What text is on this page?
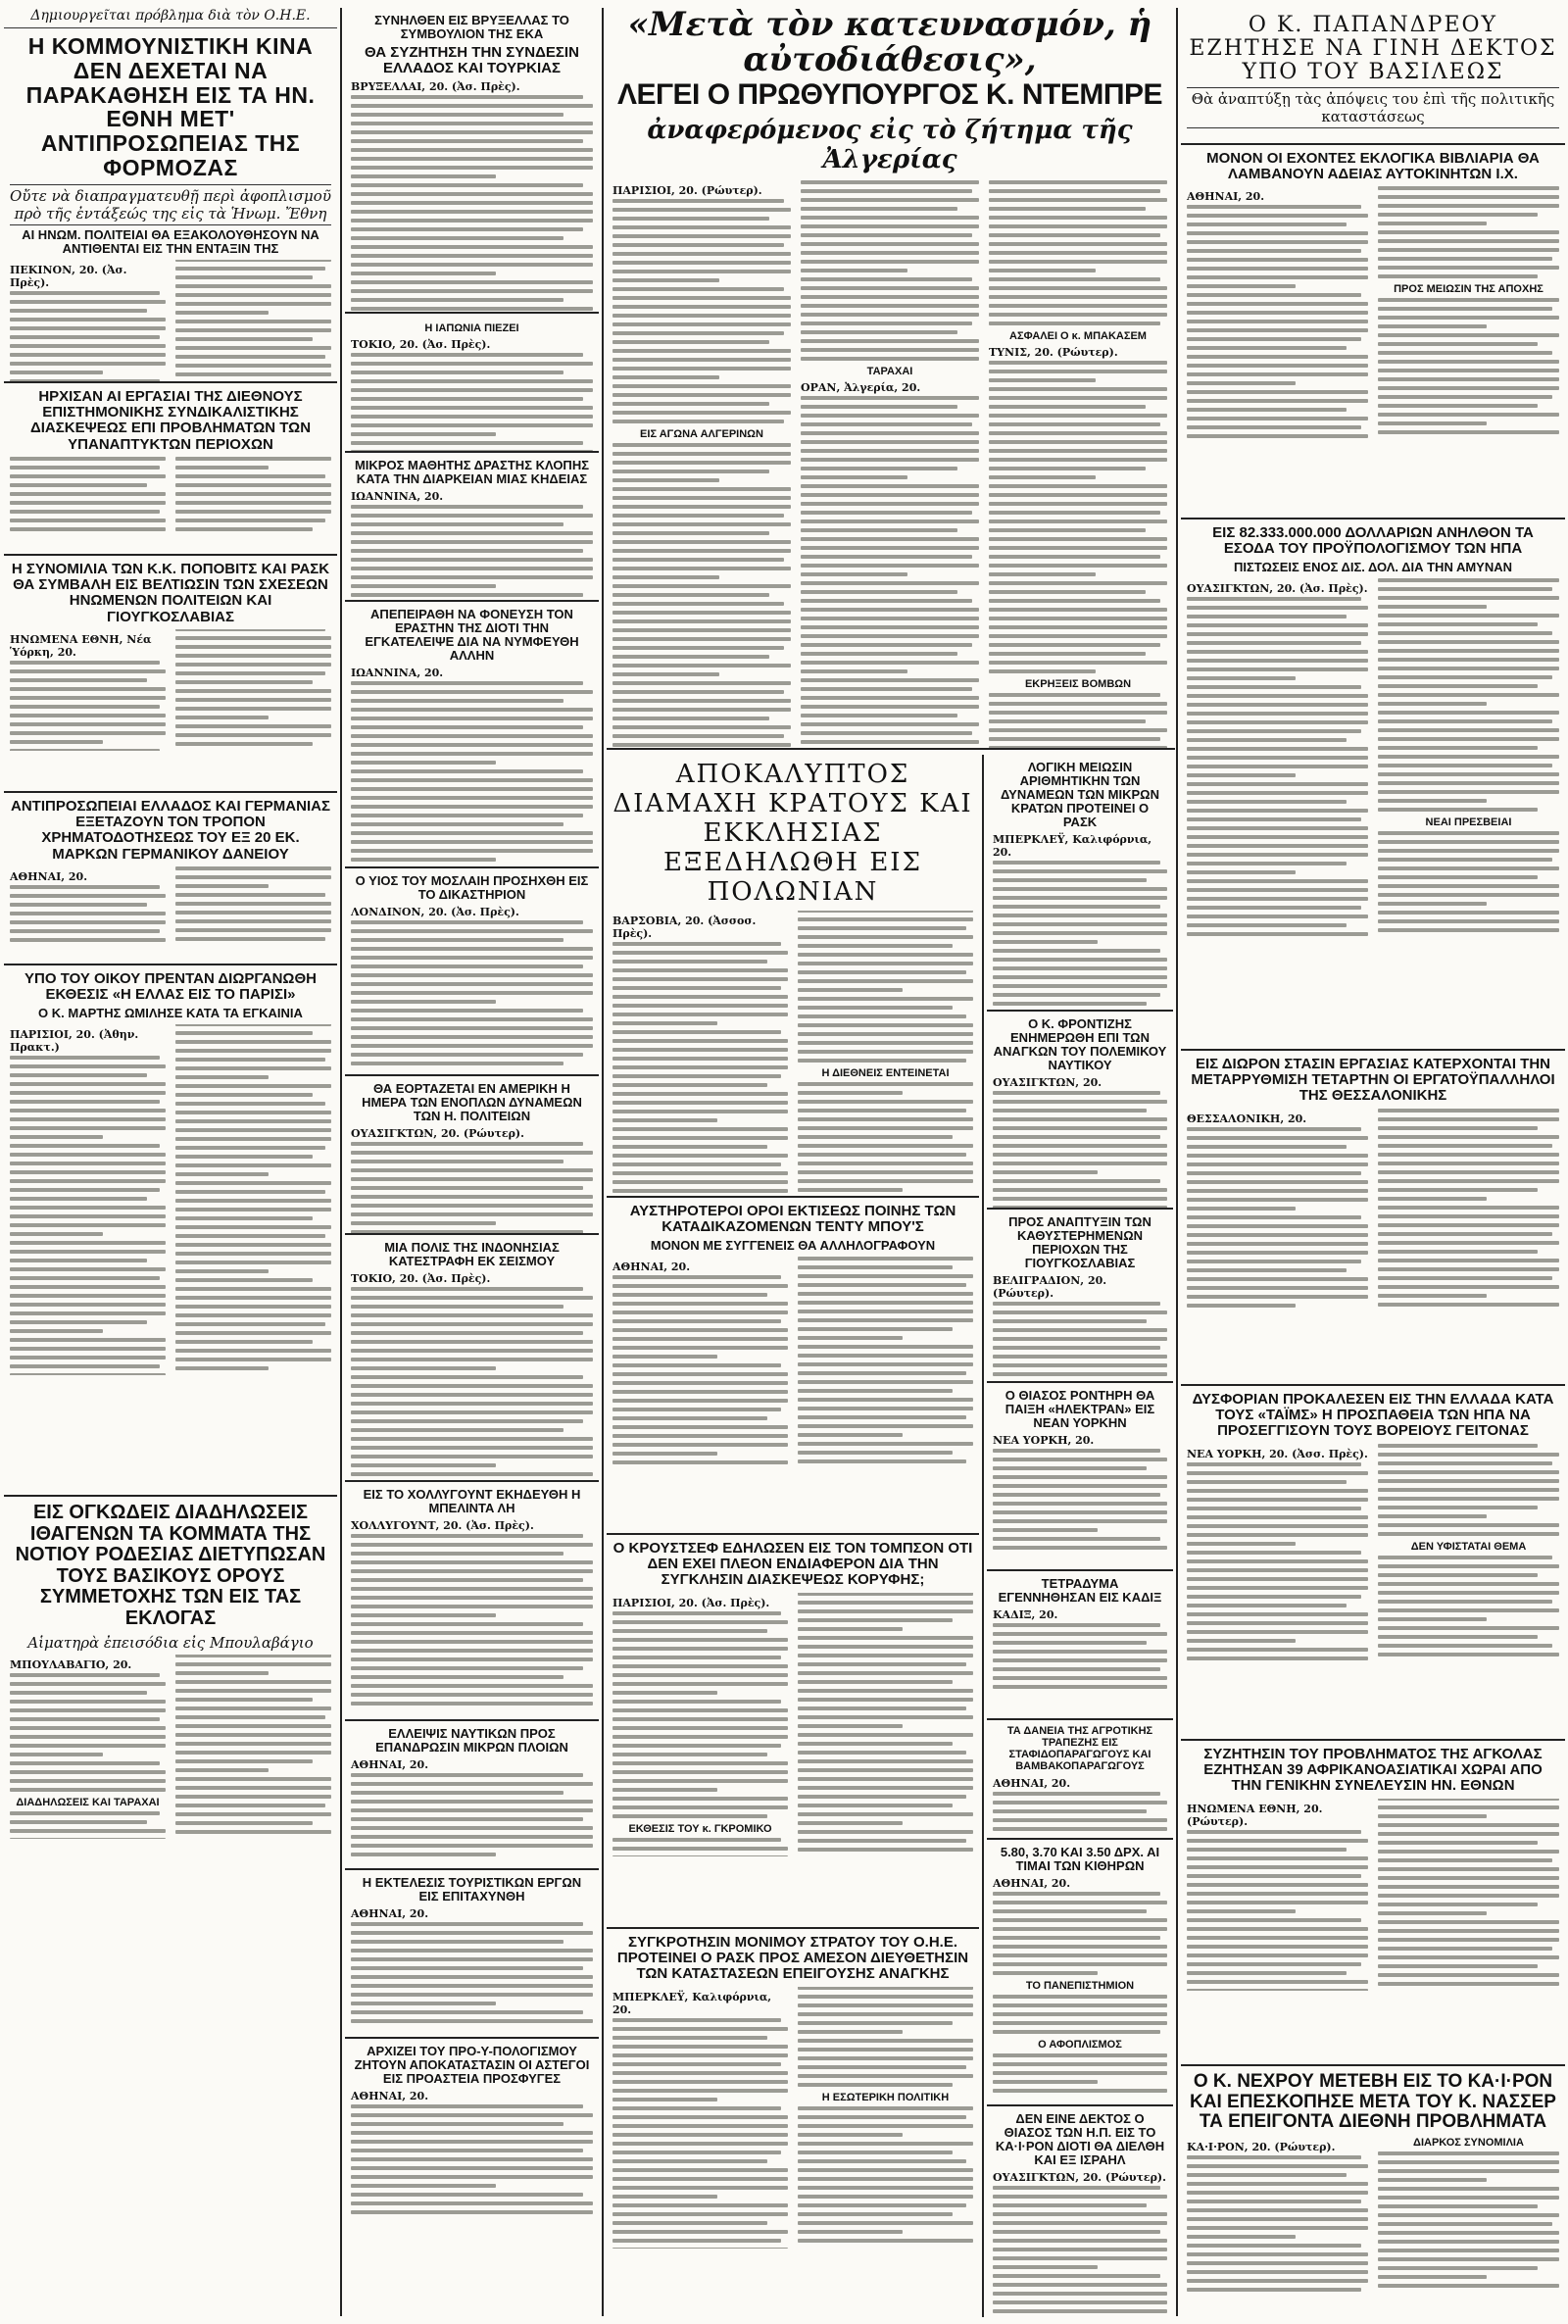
Δημιουργεῖται πρόβλημα διὰ τὸν Ο.Η.Ε.
Η ΚΟΜΜΟΥΝΙΣΤΙΚΗ ΚΙΝΑ ΔΕΝ ΔΕΧΕΤΑΙ ΝΑ ΠΑΡΑΚΑΘΗΣΗ ΕΙΣ ΤΑ ΗΝ. ΕΘΝΗ ΜΕΤ' ΑΝΤΙΠΡΟΣΩΠΕΙΑΣ ΤΗΣ ΦΟΡΜΟΖΑΣ
Οὔτε νὰ διαπραγματευθῇ περὶ ἀφοπλισμοῦ πρὸ τῆς ἐντάξεώς της εἰς τὰ Ἡνωμ. Ἔθνη
ΑΙ ΗΝΩΜ. ΠΟΛΙΤΕΙΑΙ ΘΑ ΕΞΑΚΟΛΟΥΘΗΣΟΥΝ ΝΑ ΑΝΤΙΘΕΝΤΑΙ ΕΙΣ ΤΗΝ ΕΝΤΑΞΙΝ ΤΗΣ
ΠΕΚΙΝΟΝ, 20. (Ἀσ. Πρὲς).
ΗΡΧΙΣΑΝ ΑΙ ΕΡΓΑΣΙΑΙ ΤΗΣ ΔΙΕΘΝΟΥΣ ΕΠΙΣΤΗΜΟΝΙΚΗΣ ΣΥΝΔΙΚΑΛΙΣΤΙΚΗΣ ΔΙΑΣΚΕΨΕΩΣ ΕΠΙ ΠΡΟΒΛΗΜΑΤΩΝ ΤΩΝ ΥΠΑΝΑΠΤΥΚΤΩΝ ΠΕΡΙΟΧΩΝ
Η ΣΥΝΟΜΙΛΙΑ ΤΩΝ Κ.Κ. ΠΟΠΟΒΙΤΣ ΚΑΙ ΡΑΣΚ ΘΑ ΣΥΜΒΑΛΗ ΕΙΣ ΒΕΛΤΙΩΣΙΝ ΤΩΝ ΣΧΕΣΕΩΝ ΗΝΩΜΕΝΩΝ ΠΟΛΙΤΕΙΩΝ ΚΑΙ ΓΙΟΥΓΚΟΣΛΑΒΙΑΣ
ΗΝΩΜΕΝΑ ΕΘΝΗ, Νέα Ὑόρκη, 20.
ΑΝΤΙΠΡΟΣΩΠΕΙΑΙ ΕΛΛΑΔΟΣ ΚΑΙ ΓΕΡΜΑΝΙΑΣ ΕΞΕΤΑΖΟΥΝ ΤΟΝ ΤΡΟΠΟΝ ΧΡΗΜΑΤΟΔΟΤΗΣΕΩΣ ΤΟΥ ΕΞ 20 ΕΚ. ΜΑΡΚΩΝ ΓΕΡΜΑΝΙΚΟΥ ΔΑΝΕΙΟΥ
ΑΘΗΝΑΙ, 20.
ΥΠΟ ΤΟΥ ΟΙΚΟΥ ΠΡΕΝΤΑΝ ΔΙΩΡΓΑΝΩΘΗ ΕΚΘΕΣΙΣ «Η ΕΛΛΑΣ ΕΙΣ ΤΟ ΠΑΡΙΣΙ»
Ο Κ. ΜΑΡΤΗΣ ΩΜΙΛΗΣΕ ΚΑΤΑ ΤΑ ΕΓΚΑΙΝΙΑ
ΠΑΡΙΣΙΟΙ, 20. (Ἀθην. Πρακτ.)
ΕΙΣ ΟΓΚΩΔΕΙΣ ΔΙΑΔΗΛΩΣΕΙΣ ΙΘΑΓΕΝΩΝ ΤΑ ΚΟΜΜΑΤΑ ΤΗΣ ΝΟΤΙΟΥ ΡΟΔΕΣΙΑΣ ΔΙΕΤΥΠΩΣΑΝ ΤΟΥΣ ΒΑΣΙΚΟΥΣ ΟΡΟΥΣ ΣΥΜΜΕΤΟΧΗΣ ΤΩΝ ΕΙΣ ΤΑΣ ΕΚΛΟΓΑΣ
Αἱματηρὰ ἐπεισόδια εἰς Μπουλαβάγιο
ΜΠΟΥΛΑΒΑΓΙΟ, 20.
ΔΙΑΔΗΛΩΣΕΙΣ ΚΑΙ ΤΑΡΑΧΑΙ
ΣΥΝΗΛΘΕΝ ΕΙΣ ΒΡΥΞΕΛΛΑΣ ΤΟ ΣΥΜΒΟΥΛΙΟΝ ΤΗΣ ΕΚΑ
ΘΑ ΣΥΖΗΤΗΣΗ ΤΗΝ ΣΥΝΔΕΣΙΝ ΕΛΛΑΔΟΣ ΚΑΙ ΤΟΥΡΚΙΑΣ
ΒΡΥΞΕΛΛΑΙ, 20. (Ἀσ. Πρὲς).
Η ΙΑΠΩΝΙΑ ΠΙΕΖΕΙ
ΤΟΚΙΟ, 20. (Ἀσ. Πρὲς).
ΜΙΚΡΟΣ ΜΑΘΗΤΗΣ ΔΡΑΣΤΗΣ ΚΛΟΠΗΣ ΚΑΤΑ ΤΗΝ ΔΙΑΡΚΕΙΑΝ ΜΙΑΣ ΚΗΔΕΙΑΣ
ΙΩΑΝΝΙΝΑ, 20.
ΑΠΕΠΕΙΡΑΘΗ ΝΑ ΦΟΝΕΥΣΗ ΤΟΝ ΕΡΑΣΤΗΝ ΤΗΣ ΔΙΟΤΙ ΤΗΝ ΕΓΚΑΤΕΛΕΙΨΕ ΔΙΑ ΝΑ ΝΥΜΦΕΥΘΗ ΑΛΛΗΝ
ΙΩΑΝΝΙΝΑ, 20.
Ο ΥΙΟΣ ΤΟΥ ΜΟΣΛΑΙΗ ΠΡΟΣΗΧΘΗ ΕΙΣ ΤΟ ΔΙΚΑΣΤΗΡΙΟΝ
ΛΟΝΔΙΝΟΝ, 20. (Ἀσ. Πρὲς).
ΘΑ ΕΟΡΤΑΖΕΤΑΙ ΕΝ ΑΜΕΡΙΚΗ Η ΗΜΕΡΑ ΤΩΝ ΕΝΟΠΛΩΝ ΔΥΝΑΜΕΩΝ ΤΩΝ Η. ΠΟΛΙΤΕΙΩΝ
ΟΥΑΣΙΓΚΤΩΝ, 20. (Ρώυτερ).
ΜΙΑ ΠΟΛΙΣ ΤΗΣ ΙΝΔΟΝΗΣΙΑΣ ΚΑΤΕΣΤΡΑΦΗ ΕΚ ΣΕΙΣΜΟΥ
ΤΟΚΙΟ, 20. (Ἀσ. Πρὲς).
ΕΙΣ ΤΟ ΧΟΛΛΥΓΟΥΝΤ ΕΚΗΔΕΥΘΗ Η ΜΠΕΛΙΝΤΑ ΛΗ
ΧΟΛΛΥΓΟΥΝΤ, 20. (Ἀσ. Πρὲς).
ΕΛΛΕΙΨΙΣ ΝΑΥΤΙΚΩΝ ΠΡΟΣ ΕΠΑΝΔΡΩΣΙΝ ΜΙΚΡΩΝ ΠΛΟΙΩΝ
ΑΘΗΝΑΙ, 20.
Η ΕΚΤΕΛΕΣΙΣ ΤΟΥΡΙΣΤΙΚΩΝ ΕΡΓΩΝ ΕΙΣ ΕΠΙΤΑΧΥΝΘΗ
ΑΘΗΝΑΙ, 20.
ΑΡΧΙΖΕΙ ΤΟΥ ΠΡΟ-Υ-ΠΟΛΟΓΙΣΜΟΥ ΖΗΤΟΥΝ ΑΠΟΚΑΤΑΣΤΑΣΙΝ ΟΙ ΑΣΤΕΓΟΙ ΕΙΣ ΠΡΟΑΣΤΕΙΑ ΠΡΟΣΦΥΓΕΣ
ΑΘΗΝΑΙ, 20.
«Μετὰ τὸν κατευνασμόν, ἡ αὐτοδιάθεσις»,
ΛΕΓΕΙ Ο ΠΡΩΘΥΠΟΥΡΓΟΣ Κ. ΝΤΕΜΠΡΕ
ἀναφερόμενος εἰς τὸ ζήτημα τῆς Ἀλγερίας
ΠΑΡΙΣΙΟΙ, 20. (Ρώυτερ).
ΕΙΣ ΑΓΩΝΑ ΑΛΓΕΡΙΝΩΝ
ΤΑΡΑΧΑΙ
ΟΡΑΝ, Ἀλγερία, 20.
ΑΣΦΑΛΕΙ Ο κ. ΜΠΑΚΑΣΕΜ
ΤΥΝΙΣ, 20. (Ρώυτερ).
ΕΚΡΗΞΕΙΣ ΒΟΜΒΩΝ
ΑΠΟΚΑΛΥΠΤΟΣ ΔΙΑΜΑΧΗ ΚΡΑΤΟΥΣ ΚΑΙ ΕΚΚΛΗΣΙΑΣ ΕΞΕΔΗΛΩΘΗ ΕΙΣ ΠΟΛΩΝΙΑΝ
ΒΑΡΣΟΒΙΑ, 20. (Ἀσσοσ. Πρὲς).
Η ΔΙΕΘΝΕΙΣ ΕΝΤΕΙΝΕΤΑΙ
ΑΥΣΤΗΡΟΤΕΡΟΙ ΟΡΟΙ ΕΚΤΙΣΕΩΣ ΠΟΙΝΗΣ ΤΩΝ ΚΑΤΑΔΙΚΑΖΟΜΕΝΩΝ ΤΕΝΤΥ ΜΠΟΥ'Σ
ΜΟΝΟΝ ΜΕ ΣΥΓΓΕΝΕΙΣ ΘΑ ΑΛΛΗΛΟΓΡΑΦΟΥΝ
ΑΘΗΝΑΙ, 20.
Ο ΚΡΟΥΣΤΣΕΦ ΕΔΗΛΩΣΕΝ ΕΙΣ ΤΟΝ ΤΟΜΠΣΟΝ ΟΤΙ ΔΕΝ ΕΧΕΙ ΠΛΕΟΝ ΕΝΔΙΑΦΕΡΟΝ ΔΙΑ ΤΗΝ ΣΥΓΚΛΗΣΙΝ ΔΙΑΣΚΕΨΕΩΣ ΚΟΡΥΦΗΣ;
ΠΑΡΙΣΙΟΙ, 20. (Ἀσ. Πρὲς).
ΕΚΘΕΣΙΣ ΤΟΥ κ. ΓΚΡΟΜΙΚΟ
ΣΥΓΚΡΟΤΗΣΙΝ ΜΟΝΙΜΟΥ ΣΤΡΑΤΟΥ ΤΟΥ Ο.Η.Ε. ΠΡΟΤΕΙΝΕΙ Ο ΡΑΣΚ ΠΡΟΣ ΑΜΕΣΟΝ ΔΙΕΥΘΕΤΗΣΙΝ ΤΩΝ ΚΑΤΑΣΤΑΣΕΩΝ ΕΠΕΙΓΟΥΣΗΣ ΑΝΑΓΚΗΣ
ΜΠΕΡΚΛΕΫ, Καλιφόρνια, 20.
Η ΕΣΩΤΕΡΙΚΗ ΠΟΛΙΤΙΚΗ
ΛΟΓΙΚΗ ΜΕΙΩΣΙΝ ΑΡΙΘΜΗΤΙΚΗΝ ΤΩΝ ΔΥΝΑΜΕΩΝ ΤΩΝ ΜΙΚΡΩΝ ΚΡΑΤΩΝ ΠΡΟΤΕΙΝΕΙ Ο ΡΑΣΚ
ΜΠΕΡΚΛΕΫ, Καλιφόρνια, 20.
Ο Κ. ΦΡΟΝΤΙΖΗΣ ΕΝΗΜΕΡΩΘΗ ΕΠΙ ΤΩΝ ΑΝΑΓΚΩΝ ΤΟΥ ΠΟΛΕΜΙΚΟΥ ΝΑΥΤΙΚΟΥ
ΟΥΑΣΙΓΚΤΩΝ, 20.
ΠΡΟΣ ΑΝΑΠΤΥΞΙΝ ΤΩΝ ΚΑΘΥΣΤΕΡΗΜΕΝΩΝ ΠΕΡΙΟΧΩΝ ΤΗΣ ΓΙΟΥΓΚΟΣΛΑΒΙΑΣ
ΒΕΛΙΓΡΑΔΙΟΝ, 20. (Ρώυτερ).
Ο ΘΙΑΣΟΣ ΡΟΝΤΗΡΗ ΘΑ ΠΑΙΞΗ «ΗΛΕΚΤΡΑΝ» ΕΙΣ ΝΕΑΝ ΥΟΡΚΗΝ
ΝΕΑ ΥΟΡΚΗ, 20.
ΤΕΤΡΑΔΥΜΑ ΕΓΕΝΝΗΘΗΣΑΝ ΕΙΣ ΚΑΔΙΞ
ΚΑΔΙΞ, 20.
ΤΑ ΔΑΝΕΙΑ ΤΗΣ ΑΓΡΟΤΙΚΗΣ ΤΡΑΠΕΖΗΣ ΕΙΣ ΣΤΑΦΙΔΟΠΑΡΑΓΩΓΟΥΣ ΚΑΙ ΒΑΜΒΑΚΟΠΑΡΑΓΩΓΟΥΣ
ΑΘΗΝΑΙ, 20.
5.80, 3.70 ΚΑΙ 3.50 ΔΡΧ. ΑΙ ΤΙΜΑΙ ΤΩΝ ΚΙΘΗΡΩΝ
ΑΘΗΝΑΙ, 20.
ΤΟ ΠΑΝΕΠΙΣΤΗΜΙΟΝ
Ο ΑΦΟΠΛΙΣΜΟΣ
ΔΕΝ ΕΙΝΕ ΔΕΚΤΟΣ Ο ΘΙΑΣΟΣ ΤΩΝ Η.Π. ΕΙΣ ΤΟ ΚΑ·Ι·ΡΟΝ ΔΙΟΤΙ ΘΑ ΔΙΕΛΘΗ ΚΑΙ ΕΞ ΙΣΡΑΗΛ
ΟΥΑΣΙΓΚΤΩΝ, 20. (Ρώυτερ).
Ο Κ. ΠΑΠΑΝΔΡΕΟΥ ΕΖΗΤΗΣΕ ΝΑ ΓΙΝΗ ΔΕΚΤΟΣ ΥΠΟ ΤΟΥ ΒΑΣΙΛΕΩΣ
Θὰ ἀναπτύξῃ τὰς ἀπόψεις του ἐπὶ τῆς πολιτικῆς καταστάσεως
ΜΟΝΟΝ ΟΙ ΕΧΟΝΤΕΣ ΕΚΛΟΓΙΚΑ ΒΙΒΛΙΑΡΙΑ ΘΑ ΛΑΜΒΑΝΟΥΝ ΑΔΕΙΑΣ ΑΥΤΟΚΙΝΗΤΩΝ Ι.Χ.
ΑΘΗΝΑΙ, 20.
ΠΡΟΣ ΜΕΙΩΣΙΝ ΤΗΣ ΑΠΟΧΗΣ
ΕΙΣ 82.333.000.000 ΔΟΛΛΑΡΙΩΝ ΑΝΗΛΘΟΝ ΤΑ ΕΣΟΔΑ ΤΟΥ ΠΡΟΫΠΟΛΟΓΙΣΜΟΥ ΤΩΝ ΗΠΑ
ΠΙΣΤΩΣΕΙΣ ΕΝΟΣ ΔΙΣ. ΔΟΛ. ΔΙΑ ΤΗΝ ΑΜΥΝΑΝ
ΟΥΑΣΙΓΚΤΩΝ, 20. (Ἀσ. Πρὲς).
ΝΕΑΙ ΠΡΕΣΒΕΙΑΙ
ΕΙΣ ΔΙΩΡΟΝ ΣΤΑΣΙΝ ΕΡΓΑΣΙΑΣ ΚΑΤΕΡΧΟΝΤΑΙ ΤΗΝ ΜΕΤΑΡΡΥΘΜΙΣΗ ΤΕΤΑΡΤΗΝ ΟΙ ΕΡΓΑΤΟΫΠΑΛΛΗΛΟΙ ΤΗΣ ΘΕΣΣΑΛΟΝΙΚΗΣ
ΘΕΣΣΑΛΟΝΙΚΗ, 20.
ΔΥΣΦΟΡΙΑΝ ΠΡΟΚΑΛΕΣΕΝ ΕΙΣ ΤΗΝ ΕΛΛΑΔΑ ΚΑΤΑ ΤΟΥΣ «ΤΑΪΜΣ» Η ΠΡΟΣΠΑΘΕΙΑ ΤΩΝ ΗΠΑ ΝΑ ΠΡΟΣΕΓΓΙΣΟΥΝ ΤΟΥΣ ΒΟΡΕΙΟΥΣ ΓΕΙΤΟΝΑΣ
ΝΕΑ ΥΟΡΚΗ, 20. (Ἀσσ. Πρὲς).
ΔΕΝ ΥΦΙΣΤΑΤΑΙ ΘΕΜΑ
ΣΥΖΗΤΗΣΙΝ ΤΟΥ ΠΡΟΒΛΗΜΑΤΟΣ ΤΗΣ ΑΓΚΟΛΑΣ ΕΖΗΤΗΣΑΝ 39 ΑΦΡΙΚΑΝΟΑΣΙΑΤΙΚΑΙ ΧΩΡΑΙ ΑΠΟ ΤΗΝ ΓΕΝΙΚΗΝ ΣΥΝΕΛΕΥΣΙΝ ΗΝ. ΕΘΝΩΝ
ΗΝΩΜΕΝΑ ΕΘΝΗ, 20. (Ρώυτερ).
Ο Κ. ΝΕΧΡΟΥ ΜΕΤΕΒΗ ΕΙΣ ΤΟ ΚΑ·Ι·ΡΟΝ ΚΑΙ ΕΠΕΣΚΟΠΗΣΕ ΜΕΤΑ ΤΟΥ Κ. ΝΑΣΣΕΡ ΤΑ ΕΠΕΙΓΟΝΤΑ ΔΙΕΘΝΗ ΠΡΟΒΛΗΜΑΤΑ
ΚΑ·Ι·ΡΟΝ, 20. (Ρώυτερ).	ΔΙΑΡΚΟΣ ΣΥΝΟΜΙΛΙΑ
